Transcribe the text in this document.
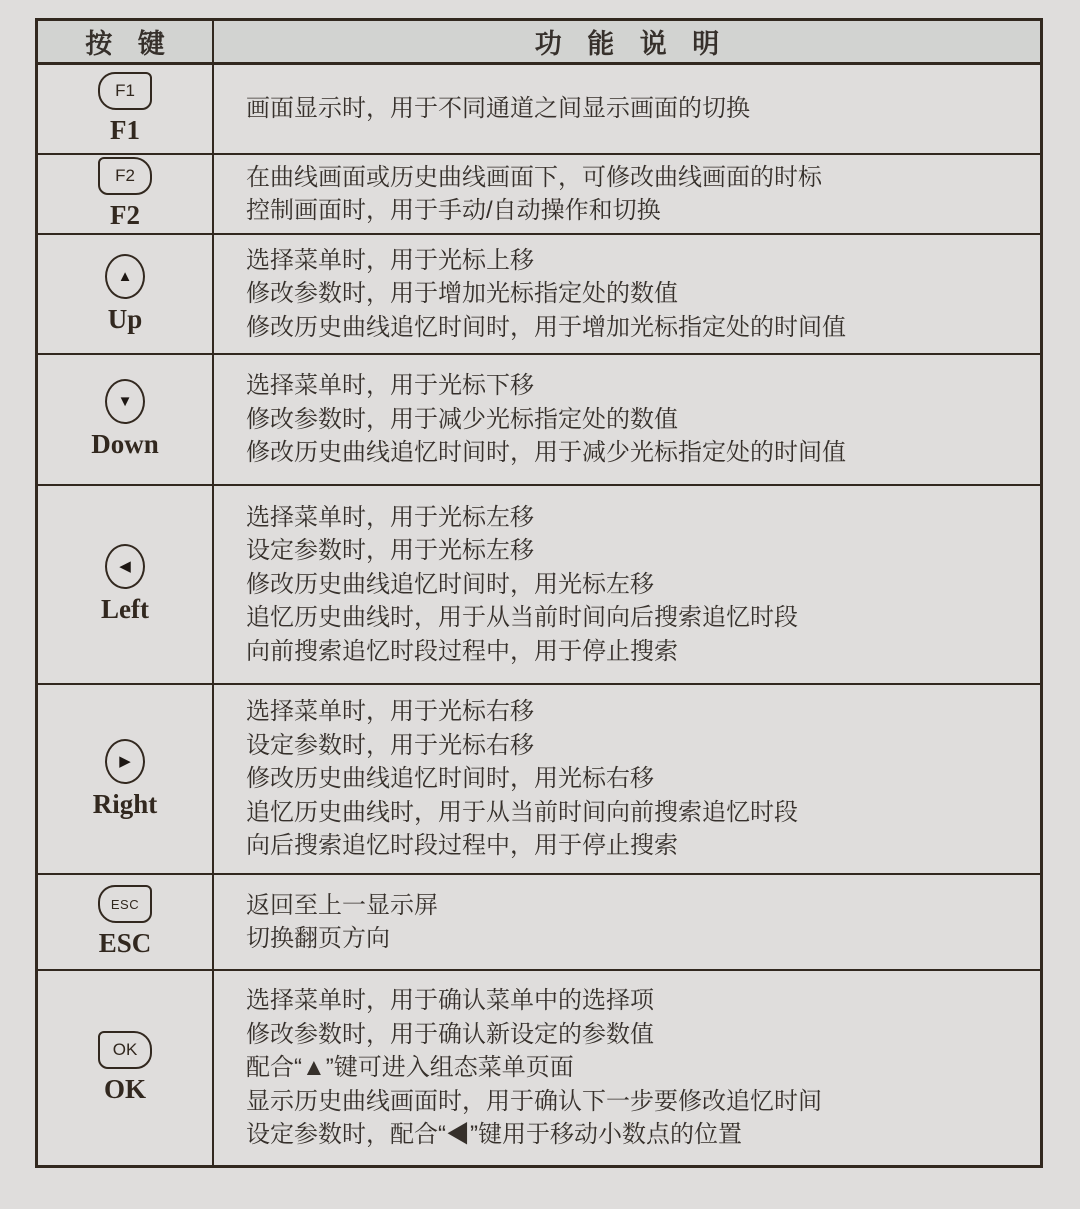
按 键	功 能 说 明
F1
F1
画面显示时，用于不同通道之间显示画面的切换
F2
F2
在曲线画面或历史曲线画面下，可修改曲线画面的时标
控制画面时，用于手动/自动操作和切换
▲
Up
选择菜单时，用于光标上移
修改参数时，用于增加光标指定处的数值
修改历史曲线追忆时间时，用于增加光标指定处的时间值
▼
Down
选择菜单时，用于光标下移
修改参数时，用于减少光标指定处的数值
修改历史曲线追忆时间时，用于减少光标指定处的时间值
◀
Left
选择菜单时，用于光标左移
设定参数时，用于光标左移
修改历史曲线追忆时间时，用光标左移
追忆历史曲线时，用于从当前时间向后搜索追忆时段
向前搜索追忆时段过程中，用于停止搜索
▶
Right
选择菜单时，用于光标右移
设定参数时，用于光标右移
修改历史曲线追忆时间时，用光标右移
追忆历史曲线时，用于从当前时间向前搜索追忆时段
向后搜索追忆时段过程中，用于停止搜索
ESC
ESC
返回至上一显示屏
切换翻页方向
OK
OK
选择菜单时，用于确认菜单中的选择项
修改参数时，用于确认新设定的参数值
配合“▲”键可进入组态菜单页面
显示历史曲线画面时，用于确认下一步要修改追忆时间
设定参数时，配合“◀”键用于移动小数点的位置
